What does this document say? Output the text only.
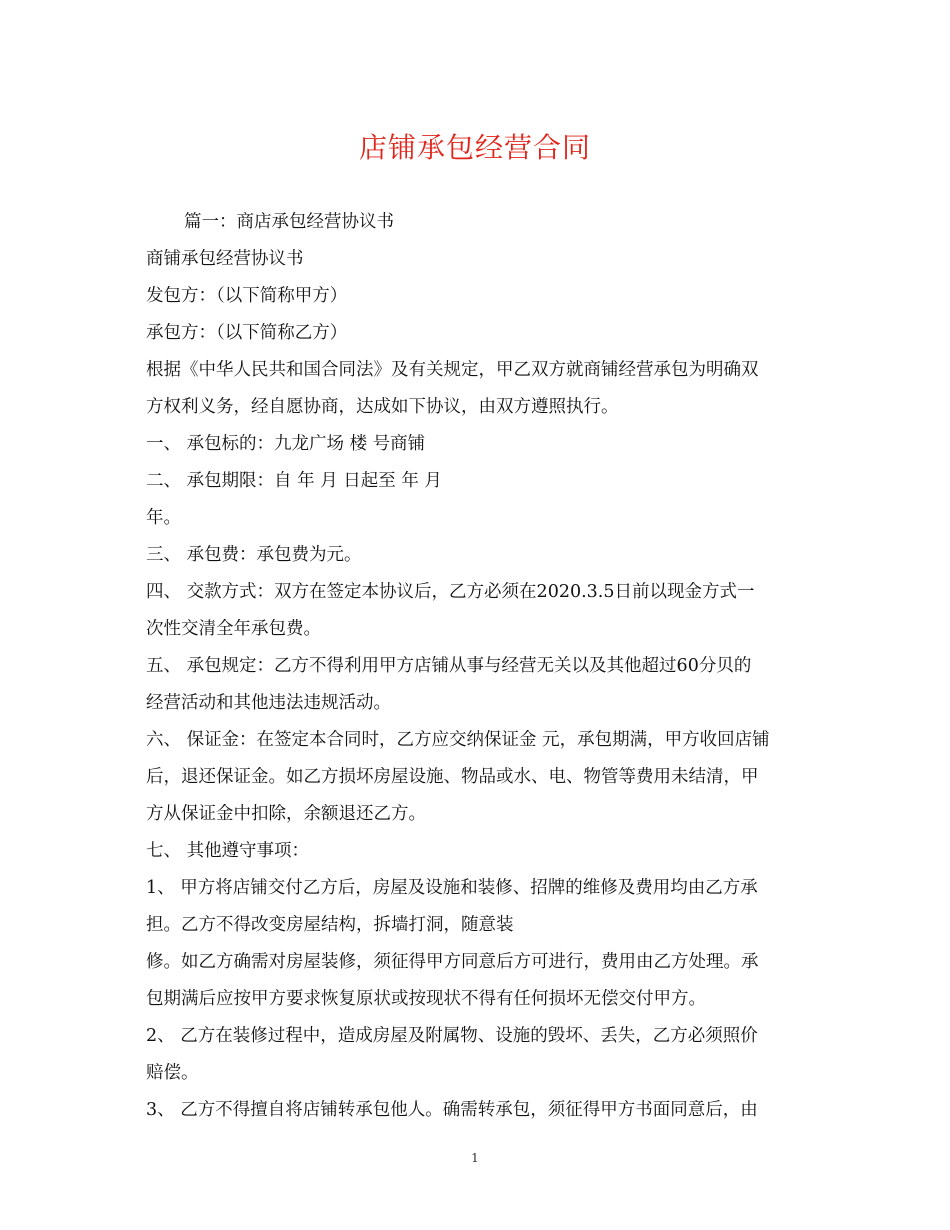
店铺承包经营合同
篇一：商店承包经营协议书
商铺承包经营协议书
发包方：（以下简称甲方）
承包方：（以下简称乙方）
根据《中华人民共和国合同法》及有关规定，甲乙双方就商铺经营承包为明确双
方权利义务，经自愿协商，达成如下协议，由双方遵照执行。
一、 承包标的：九龙广场 楼 号商铺
二、 承包期限：自 年 月 日起至 年 月
年。
三、 承包费：承包费为元。
四、 交款方式：双方在签定本协议后，乙方必须在2020.3.5日前以现金方式一
次性交清全年承包费。
五、 承包规定：乙方不得利用甲方店铺从事与经营无关以及其他超过60分贝的
经营活动和其他违法违规活动。
六、 保证金：在签定本合同时，乙方应交纳保证金 元，承包期满，甲方收回店铺
后，退还保证金。如乙方损坏房屋设施、物品或水、电、物管等费用未结清，甲
方从保证金中扣除，余额退还乙方。
七、 其他遵守事项：
1、 甲方将店铺交付乙方后，房屋及设施和装修、招牌的维修及费用均由乙方承
担。乙方不得改变房屋结构，拆墙打洞，随意装
修。如乙方确需对房屋装修，须征得甲方同意后方可进行，费用由乙方处理。承
包期满后应按甲方要求恢复原状或按现状不得有任何损坏无偿交付甲方。
2、 乙方在装修过程中，造成房屋及附属物、设施的毁坏、丢失，乙方必须照价
赔偿。
3、 乙方不得擅自将店铺转承包他人。确需转承包，须征得甲方书面同意后，由
1
